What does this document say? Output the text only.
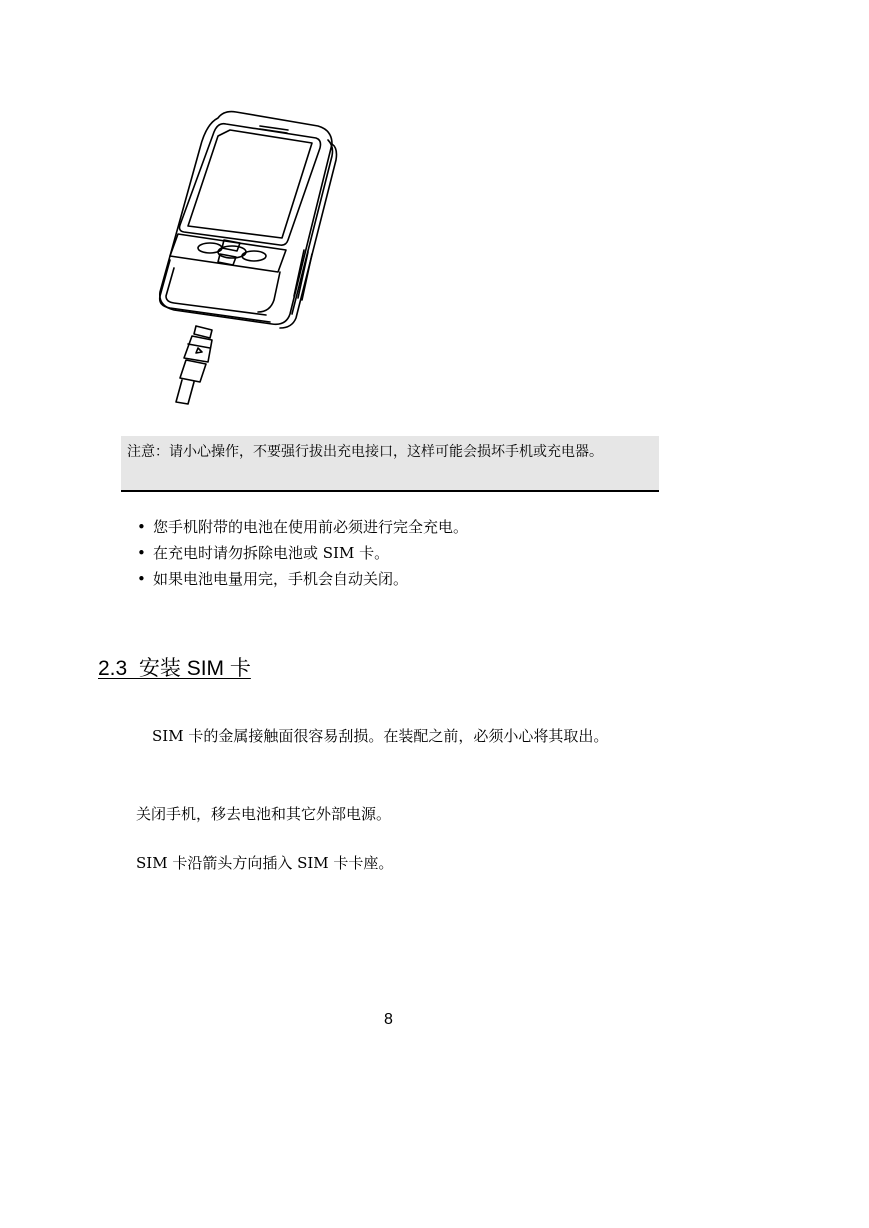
注意：请小心操作，不要强行拔出充电接口，这样可能会损坏手机或充电器。
• 您手机附带的电池在使用前必须进行完全充电。
• 在充电时请勿拆除电池或 SIM 卡。
• 如果电池电量用完，手机会自动关闭。
2.3  安装 SIM 卡

SIM 卡的金属接触面很容易刮损。在装配之前，必须小心将其取出。

关闭手机，移去电池和其它外部电源。

SIM 卡沿箭头方向插入 SIM 卡卡座。

8
